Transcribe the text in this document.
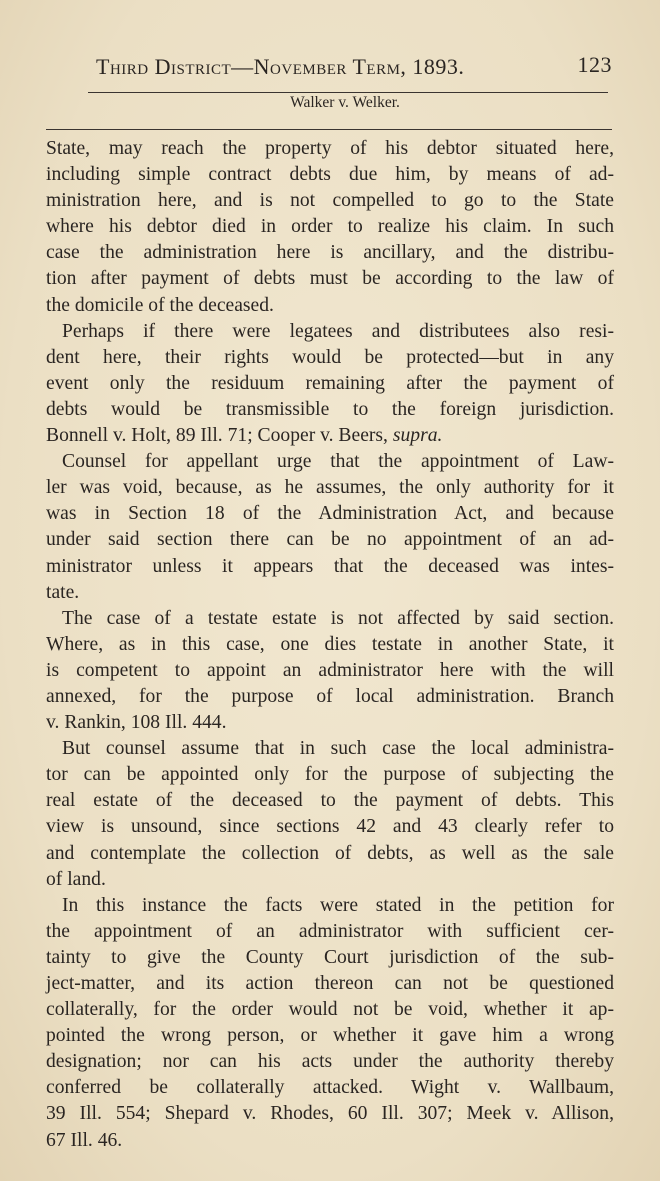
Third District—November Term, 1893.	123
Walker v. Welker.
State, may reach the property of his debtor situated here,
including simple contract debts due him, by means of ad-
ministration here, and is not compelled to go to the State
where his debtor died in order to realize his claim. In such
case the administration here is ancillary, and the distribu-
tion after payment of debts must be according to the law of
the domicile of the deceased.
Perhaps if there were legatees and distributees also resi-
dent here, their rights would be protected—but in any
event only the residuum remaining after the payment of
debts would be transmissible to the foreign jurisdiction.
Bonnell v. Holt, 89 Ill. 71; Cooper v. Beers, supra.
Counsel for appellant urge that the appointment of Law-
ler was void, because, as he assumes, the only authority for it
was in Section 18 of the Administration Act, and because
under said section there can be no appointment of an ad-
ministrator unless it appears that the deceased was intes-
tate.
The case of a testate estate is not affected by said section.
Where, as in this case, one dies testate in another State, it
is competent to appoint an administrator here with the will
annexed, for the purpose of local administration. Branch
v. Rankin, 108 Ill. 444.
But counsel assume that in such case the local administra-
tor can be appointed only for the purpose of subjecting the
real estate of the deceased to the payment of debts. This
view is unsound, since sections 42 and 43 clearly refer to
and contemplate the collection of debts, as well as the sale
of land.
In this instance the facts were stated in the petition for
the appointment of an administrator with sufficient cer-
tainty to give the County Court jurisdiction of the sub-
ject-matter, and its action thereon can not be questioned
collaterally, for the order would not be void, whether it ap-
pointed the wrong person, or whether it gave him a wrong
designation; nor can his acts under the authority thereby
conferred be collaterally attacked. Wight v. Wallbaum,
39 Ill. 554; Shepard v. Rhodes, 60 Ill. 307; Meek v. Allison,
67 Ill. 46.
